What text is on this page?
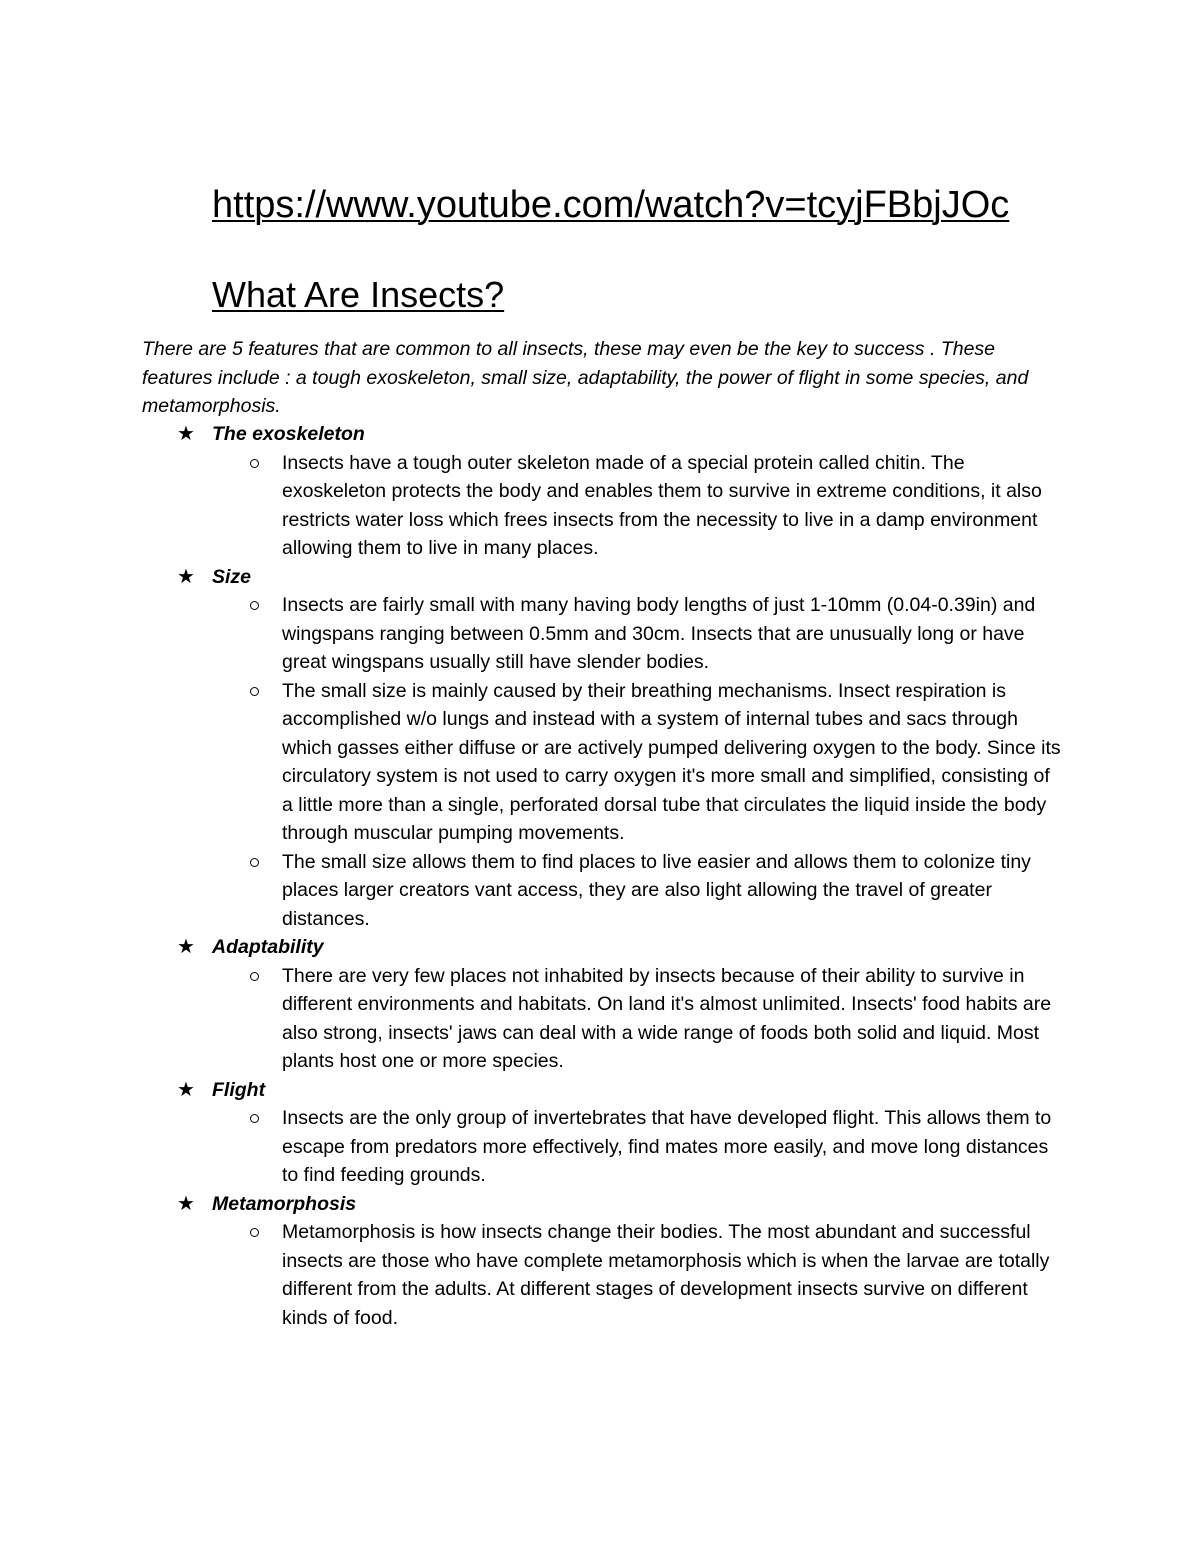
https://www.youtube.com/watch?v=tcyjFBbjJOc
What Are Insects?

There are 5 features that are common to all insects, these may even be the key to success . These features include : a tough exoskeleton, small size, adaptability, the power of flight in some species, and metamorphosis.

★ The exoskeleton
Insects have a tough outer skeleton made of a special protein called chitin. The exoskeleton protects the body and enables them to survive in extreme conditions, it also restricts water loss which frees insects from the necessity to live in a damp environment allowing them to live in many places.
★ Size
Insects are fairly small with many having body lengths of just 1-10mm (0.04-0.39in) and wingspans ranging between 0.5mm and 30cm. Insects that are unusually long or have great wingspans usually still have slender bodies.
The small size is mainly caused by their breathing mechanisms. Insect respiration is accomplished w/o lungs and instead with a system of internal tubes and sacs through which gasses either diffuse or are actively pumped delivering oxygen to the body. Since its circulatory system is not used to carry oxygen it's more small and simplified, consisting of a little more than a single, perforated dorsal tube that circulates the liquid inside the body through muscular pumping movements.
The small size allows them to find places to live easier and allows them to colonize tiny places larger creators vant access, they are also light allowing the travel of greater distances.
★ Adaptability
There are very few places not inhabited by insects because of their ability to survive in different environments and habitats. On land it's almost unlimited. Insects' food habits are also strong, insects' jaws can deal with a wide range of foods both solid and liquid. Most plants host one or more species.
★ Flight
Insects are the only group of invertebrates that have developed flight. This allows them to escape from predators more effectively, find mates more easily, and move long distances to find feeding grounds.
★ Metamorphosis
Metamorphosis is how insects change their bodies. The most abundant and successful insects are those who have complete metamorphosis which is when the larvae are totally different from the adults. At different stages of development insects survive on different kinds of food.
